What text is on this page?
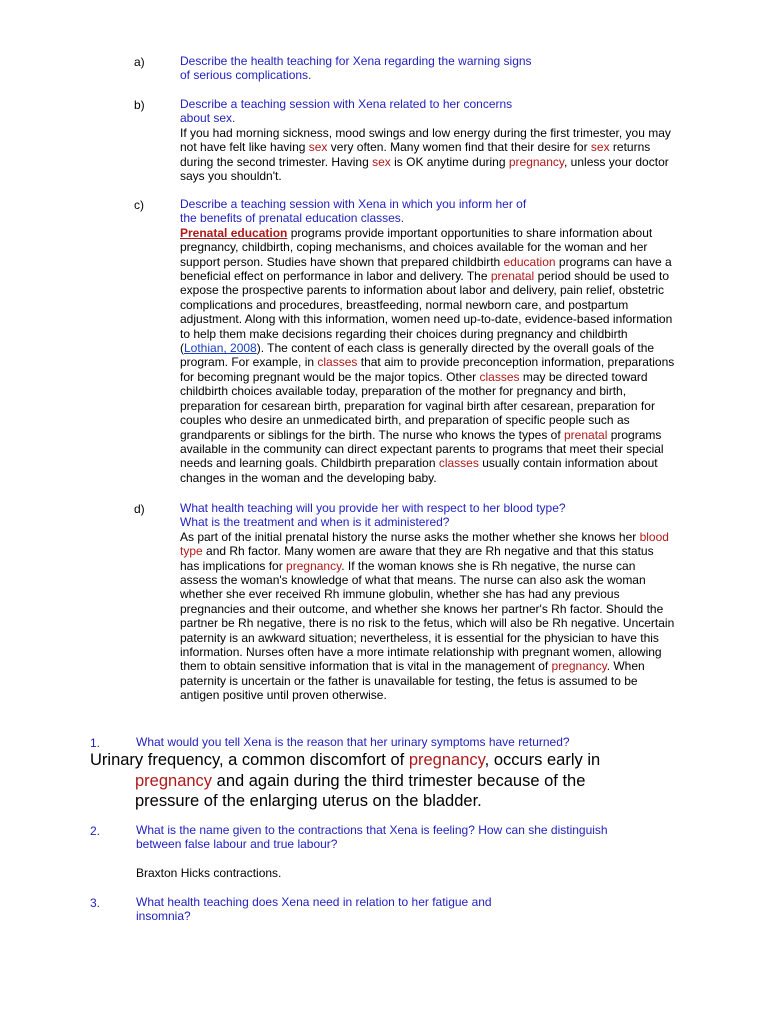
a)	Describe the health teaching for Xena regarding the warning signs

of serious complications.

b)	Describe a teaching session with Xena related to her concerns

about sex.

If you had morning sickness, mood swings and low energy during the first trimester, you may not have felt like having sex very often. Many women find that their desire for sex returns during the second trimester. Having sex is OK anytime during pregnancy, unless your doctor says you shouldn't.

c)	Describe a teaching session with Xena in which you inform her of

the benefits of prenatal education classes.

Prenatal education programs provide important opportunities to share information about pregnancy, childbirth, coping mechanisms, and choices available for the woman and her support person. Studies have shown that prepared childbirth education programs can have a beneficial effect on performance in labor and delivery. The prenatal period should be used to expose the prospective parents to information about labor and delivery, pain relief, obstetric complications and procedures, breastfeeding, normal newborn care, and postpartum adjustment. Along with this information, women need up-to-date, evidence-based information to help them make decisions regarding their choices during pregnancy and childbirth (Lothian, 2008). The content of each class is generally directed by the overall goals of the program. For example, in classes that aim to provide preconception information, preparations for becoming pregnant would be the major topics. Other classes may be directed toward childbirth choices available today, preparation of the mother for pregnancy and birth, preparation for cesarean birth, preparation for vaginal birth after cesarean, preparation for couples who desire an unmedicated birth, and preparation of specific people such as grandparents or siblings for the birth. The nurse who knows the types of prenatal programs available in the community can direct expectant parents to programs that meet their special needs and learning goals. Childbirth preparation classes usually contain information about changes in the woman and the developing baby.

d)	What health teaching will you provide her with respect to her blood type?

What is the treatment and when is it administered?

As part of the initial prenatal history the nurse asks the mother whether she knows her blood type and Rh factor. Many women are aware that they are Rh negative and that this status has implications for pregnancy. If the woman knows she is Rh negative, the nurse can assess the woman's knowledge of what that means. The nurse can also ask the woman whether she ever received Rh immune globulin, whether she has had any previous pregnancies and their outcome, and whether she knows her partner's Rh factor. Should the partner be Rh negative, there is no risk to the fetus, which will also be Rh negative. Uncertain paternity is an awkward situation; nevertheless, it is essential for the physician to have this information. Nurses often have a more intimate relationship with pregnant women, allowing them to obtain sensitive information that is vital in the management of pregnancy. When paternity is uncertain or the father is unavailable for testing, the fetus is assumed to be antigen positive until proven otherwise.

1.	What would you tell Xena is the reason that her urinary symptoms have returned?
Urinary frequency, a common discomfort of pregnancy, occurs early in
pregnancy and again during the third trimester because of the
pressure of the enlarging uterus on the bladder.
2.	What is the name given to the contractions that Xena is feeling? How can she distinguish

between false labour and true labour?

Braxton Hicks contractions.
3.	What health teaching does Xena need in relation to her fatigue and

insomnia?
